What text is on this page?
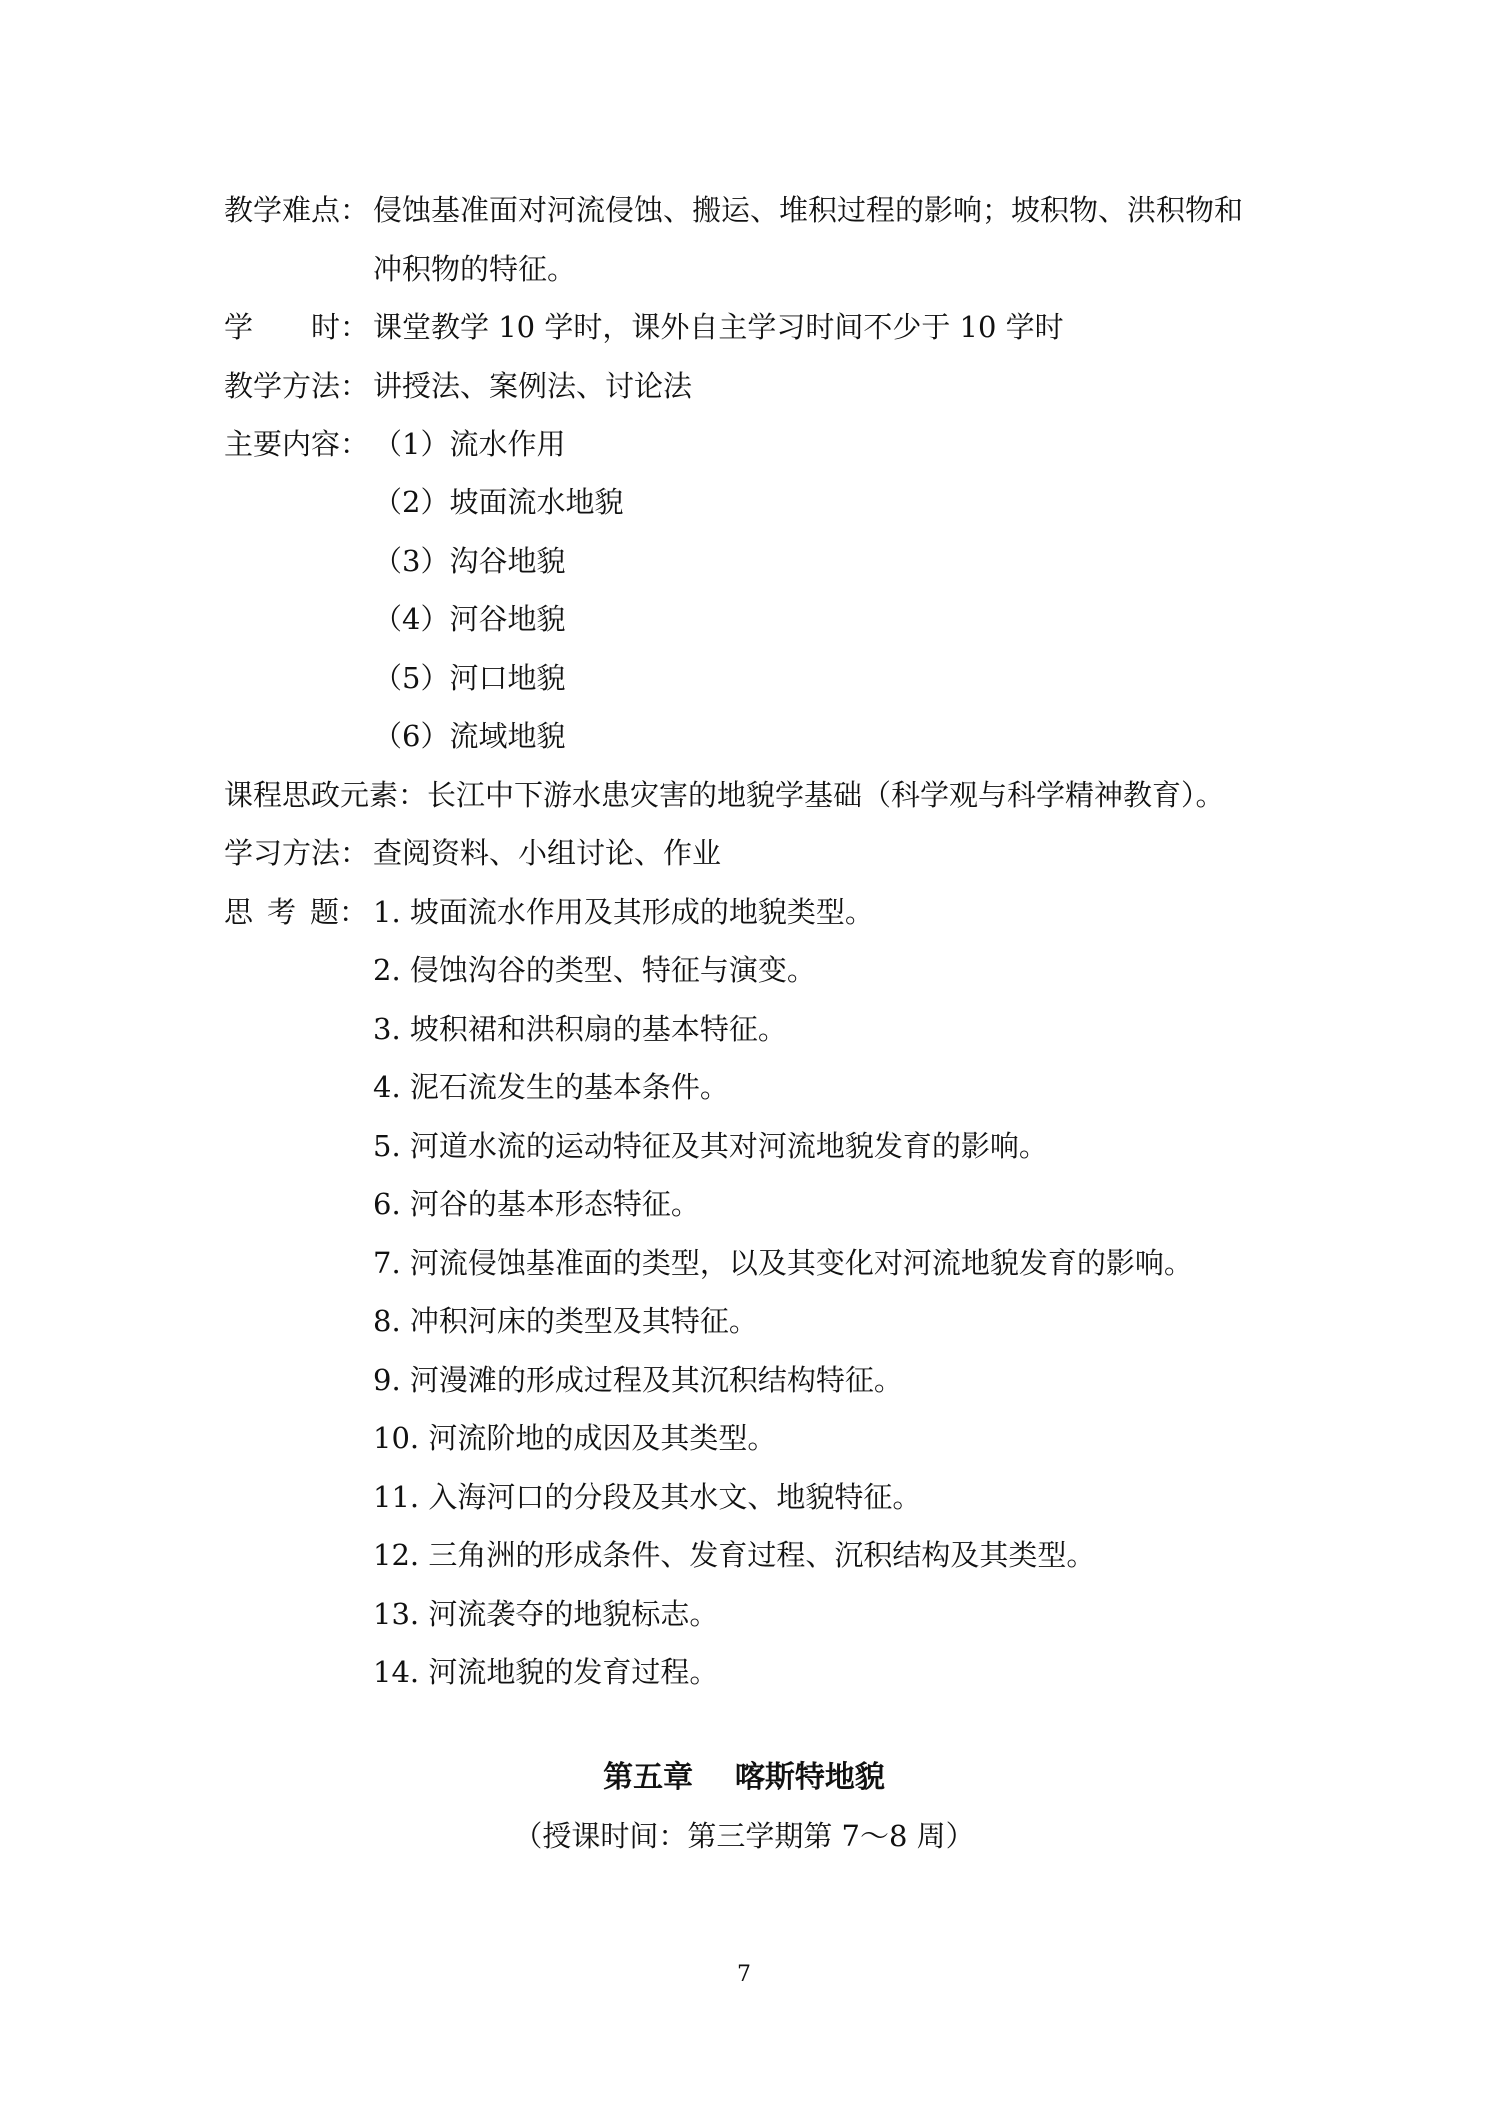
教学难点： 侵蚀基准面对河流侵蚀、搬运、堆积过程的影响；坡积物、洪积物和
冲积物的特征。
学 时： 课堂教学 10 学时，课外自主学习时间不少于 10 学时
教学方法： 讲授法、案例法、讨论法
主要内容： （1）流水作用
（2）坡面流水地貌
（3）沟谷地貌
（4）河谷地貌
（5）河口地貌
（6）流域地貌
课程思政元素：长江中下游水患灾害的地貌学基础（科学观与科学精神教育）。
学习方法： 查阅资料、小组讨论、作业
思 考 题： 1. 坡面流水作用及其形成的地貌类型。
2. 侵蚀沟谷的类型、特征与演变。
3. 坡积裙和洪积扇的基本特征。
4. 泥石流发生的基本条件。
5. 河道水流的运动特征及其对河流地貌发育的影响。
6. 河谷的基本形态特征。
7. 河流侵蚀基准面的类型，以及其变化对河流地貌发育的影响。
8. 冲积河床的类型及其特征。
9. 河漫滩的形成过程及其沉积结构特征。
10. 河流阶地的成因及其类型。
11. 入海河口的分段及其水文、地貌特征。
12. 三角洲的形成条件、发育过程、沉积结构及其类型。
13. 河流袭夺的地貌标志。
14. 河流地貌的发育过程。
第五章    喀斯特地貌
（授课时间：第三学期第 7～8 周）
7
